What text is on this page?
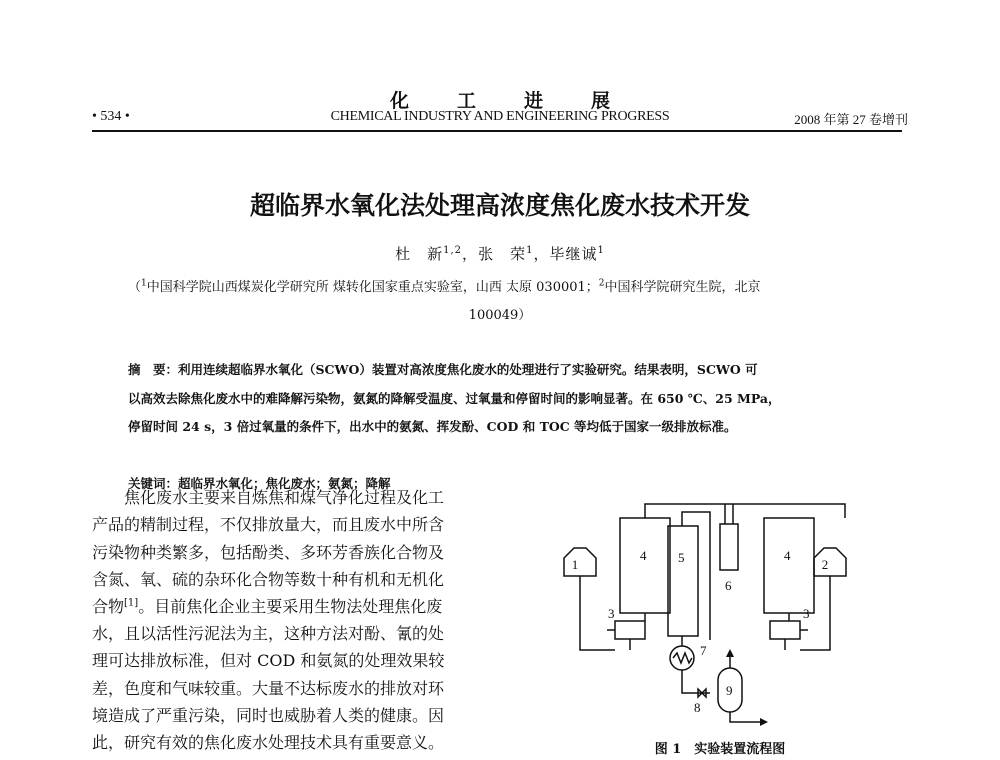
化工进展
• 534 •	CHEMICAL INDUSTRY AND ENGINEERING PROGRESS	2008 年第 27 卷增刊
超临界水氧化法处理高浓度焦化废水技术开发
杜　新$^{1,2}$，张　荣$^1$，毕继诚$^1$
（$^1$中国科学院山西煤炭化学研究所 煤转化国家重点实验室，山西 太原 030001；$^2$中国科学院研究生院，北京
100049）
摘　要：利用连续超临界水氧化（SCWO）装置对高浓度焦化废水的处理进行了实验研究。结果表明，SCWO 可
以高效去除焦化废水中的难降解污染物，氨氮的降解受温度、过氧量和停留时间的影响显著。在 650 ℃、25 MPa，
停留时间 24 s，3 倍过氧量的条件下，出水中的氨氮、挥发酚、COD 和 TOC 等均低于国家一级排放标准。
关键词：超临界水氧化；焦化废水；氨氮；降解
焦化废水主要来自炼焦和煤气净化过程及化工
产品的精制过程，不仅排放量大，而且废水中所含
污染物种类繁多，包括酚类、多环芳香族化合物及
含氮、氧、硫的杂环化合物等数十种有机和无机化
合物[1]。目前焦化企业主要采用生物法处理焦化废
水，且以活性污泥法为主，这种方法对酚、氰的处
理可达排放标准，但对 COD 和氨氮的处理效果较
差，色度和气味较重。大量不达标废水的排放对环
境造成了严重污染，同时也威胁着人类的健康。因
此，研究有效的焦化废水处理技术具有重要意义。
1	2
3	3
4 5	4
6
7
8
9
图 1　实验装置流程图
